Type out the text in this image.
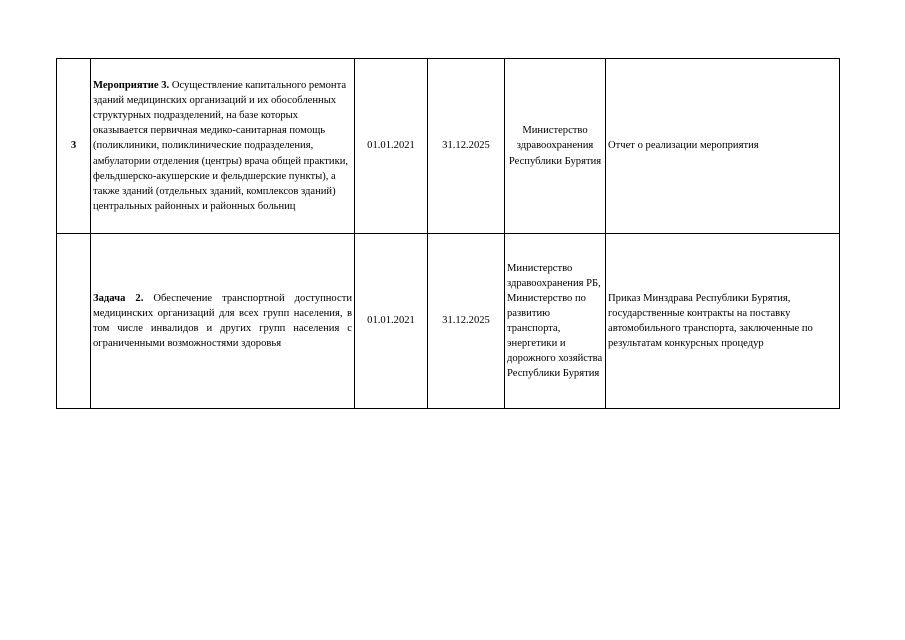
3	Мероприятие 3. Осуществление капитального ремонта зданий медицинских организаций и их обособленных структурных подразделений, на базе которых оказывается первичная медико-санитарная помощь (поликлиники, поликлинические подразделения, амбулатории отделения (центры) врача общей практики, фельдшерско-акушерские и фельдшерские пункты), а также зданий (отдельных зданий, комплексов зданий) центральных районных и районных больниц	01.01.2021	31.12.2025	Министерство здравоохранения Республики Бурятия	Отчет о реализации мероприятия
	Задача 2. Обеспечение транспортной доступности медицинских организаций для всех групп населения, в том числе инвалидов и других групп населения с ограниченными возможностями здоровья	01.01.2021	31.12.2025	Министерство здравоохранения РБ, Министерство по развитию транспорта, энергетики и дорожного хозяйства Республики Бурятия	Приказ Минздрава Республики Бурятия, государственные контракты на поставку автомобильного транспорта, заключенные по результатам конкурсных процедур
